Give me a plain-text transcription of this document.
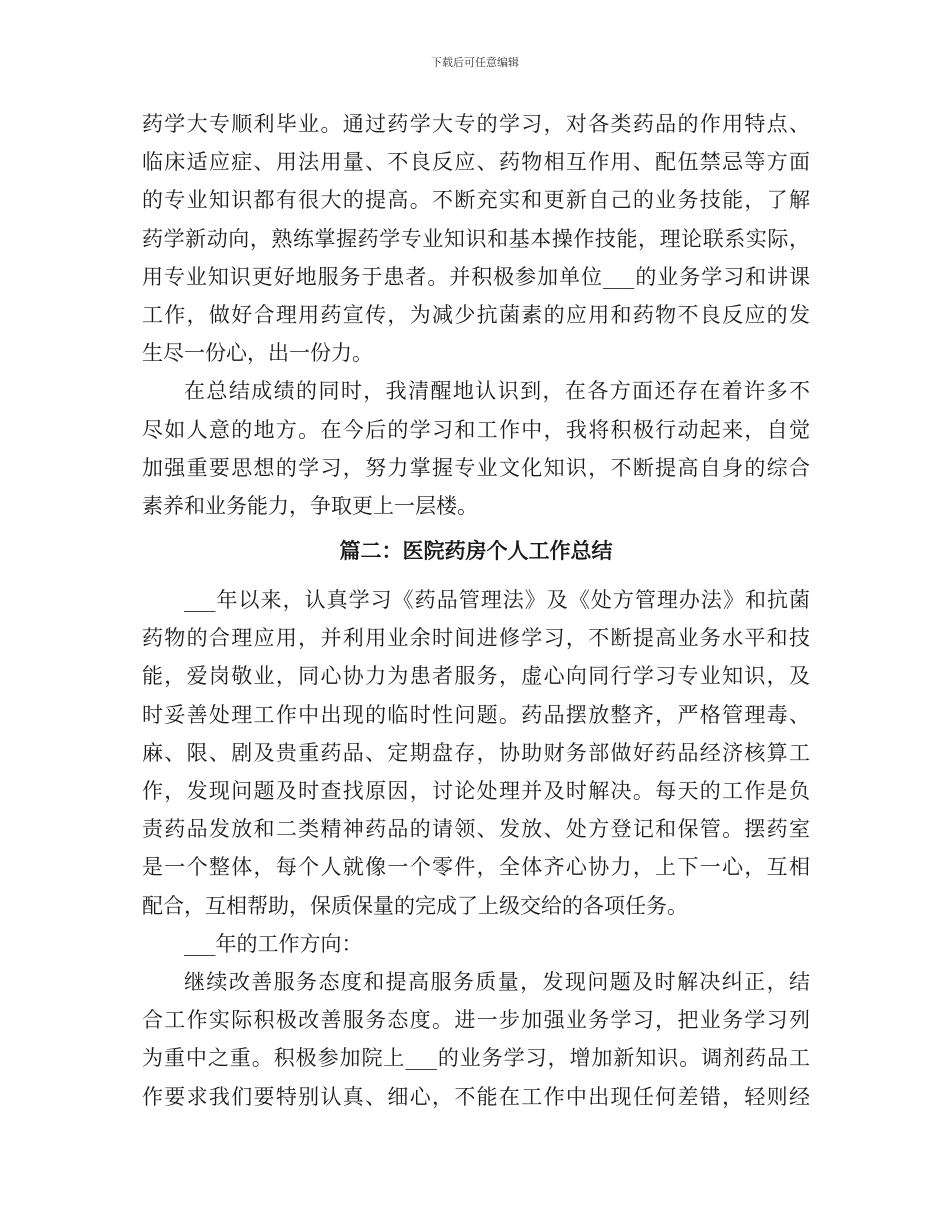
下载后可任意编辑
药学大专顺利毕业。通过药学大专的学习，对各类药品的作用特点、
临床适应症、用法用量、不良反应、药物相互作用、配伍禁忌等方面
的专业知识都有很大的提高。不断充实和更新自己的业务技能，了解
药学新动向，熟练掌握药学专业知识和基本操作技能，理论联系实际，
用专业知识更好地服务于患者。并积极参加单位___的业务学习和讲课
工作，做好合理用药宣传，为减少抗菌素的应用和药物不良反应的发
生尽一份心，出一份力。
在总结成绩的同时，我清醒地认识到，在各方面还存在着许多不
尽如人意的地方。在今后的学习和工作中，我将积极行动起来，自觉
加强重要思想的学习，努力掌握专业文化知识，不断提高自身的综合
素养和业务能力，争取更上一层楼。
篇二：医院药房个人工作总结
___年以来，认真学习《药品管理法》及《处方管理办法》和抗菌
药物的合理应用，并利用业余时间进修学习，不断提高业务水平和技
能，爱岗敬业，同心协力为患者服务，虚心向同行学习专业知识，及
时妥善处理工作中出现的临时性问题。药品摆放整齐，严格管理毒、
麻、限、剧及贵重药品、定期盘存，协助财务部做好药品经济核算工
作，发现问题及时查找原因，讨论处理并及时解决。每天的工作是负
责药品发放和二类精神药品的请领、发放、处方登记和保管。摆药室
是一个整体，每个人就像一个零件，全体齐心协力，上下一心，互相
配合，互相帮助，保质保量的完成了上级交给的各项任务。
___年的工作方向：
继续改善服务态度和提高服务质量，发现问题及时解决纠正，结
合工作实际积极改善服务态度。进一步加强业务学习，把业务学习列
为重中之重。积极参加院上___的业务学习，增加新知识。调剂药品工
作要求我们要特别认真、细心，不能在工作中出现任何差错，轻则经
